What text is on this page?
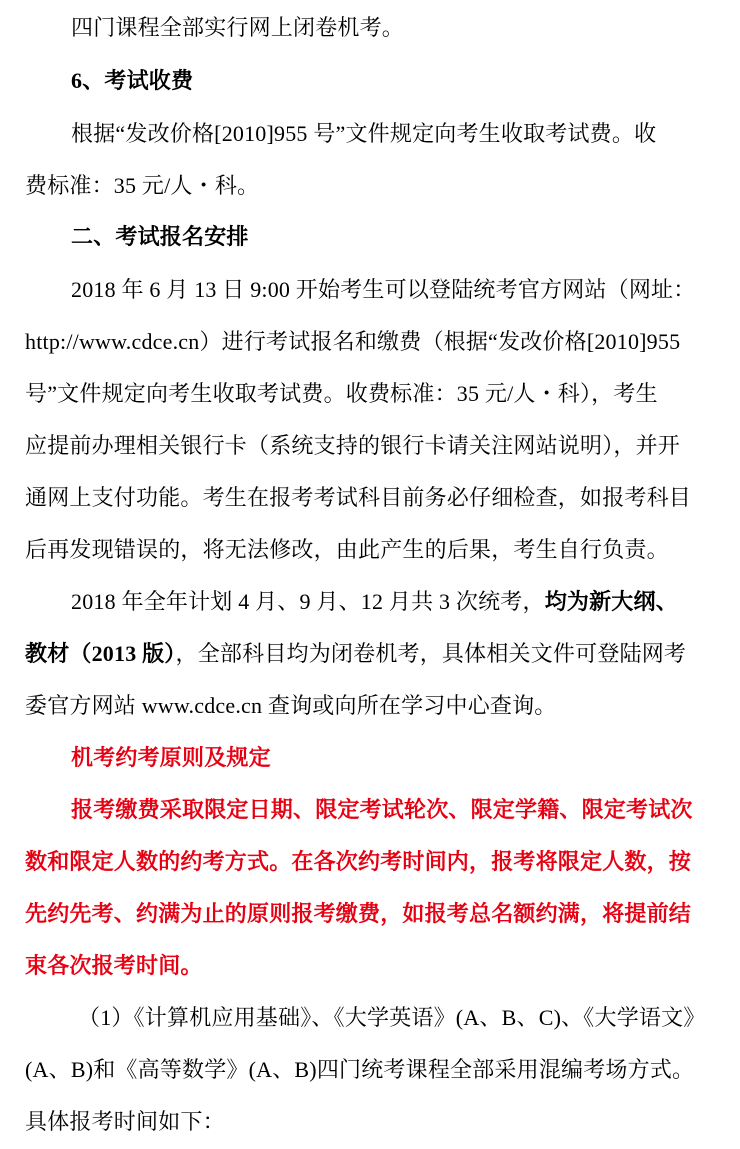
四门课程全部实行网上闭卷机考。
6、考试收费
根据“发改价格[2010]955 号”文件规定向考生收取考试费。收
费标准：35 元/人・科。
二、考试报名安排
2018 年 6 月 13 日 9:00 开始考生可以登陆统考官方网站（网址：
http://www.cdce.cn）进行考试报名和缴费（根据“发改价格[2010]955
号”文件规定向考生收取考试费。收费标准：35 元/人・科），考生
应提前办理相关银行卡（系统支持的银行卡请关注网站说明），并开
通网上支付功能。考生在报考考试科目前务必仔细检查，如报考科目
后再发现错误的，将无法修改，由此产生的后果，考生自行负责。
2018 年全年计划 4 月、9 月、12 月共 3 次统考，均为新大纲、
教材（2013 版），全部科目均为闭卷机考，具体相关文件可登陆网考
委官方网站 www.cdce.cn 查询或向所在学习中心查询。
机考约考原则及规定
报考缴费采取限定日期、限定考试轮次、限定学籍、限定考试次
数和限定人数的约考方式。在各次约考时间内，报考将限定人数，按
先约先考、约满为止的原则报考缴费，如报考总名额约满，将提前结
束各次报考时间。
（1）《计算机应用基础》、《大学英语》(A、B、C)、《大学语文》
(A、B)和《高等数学》(A、B)四门统考课程全部采用混编考场方式。
具体报考时间如下：
